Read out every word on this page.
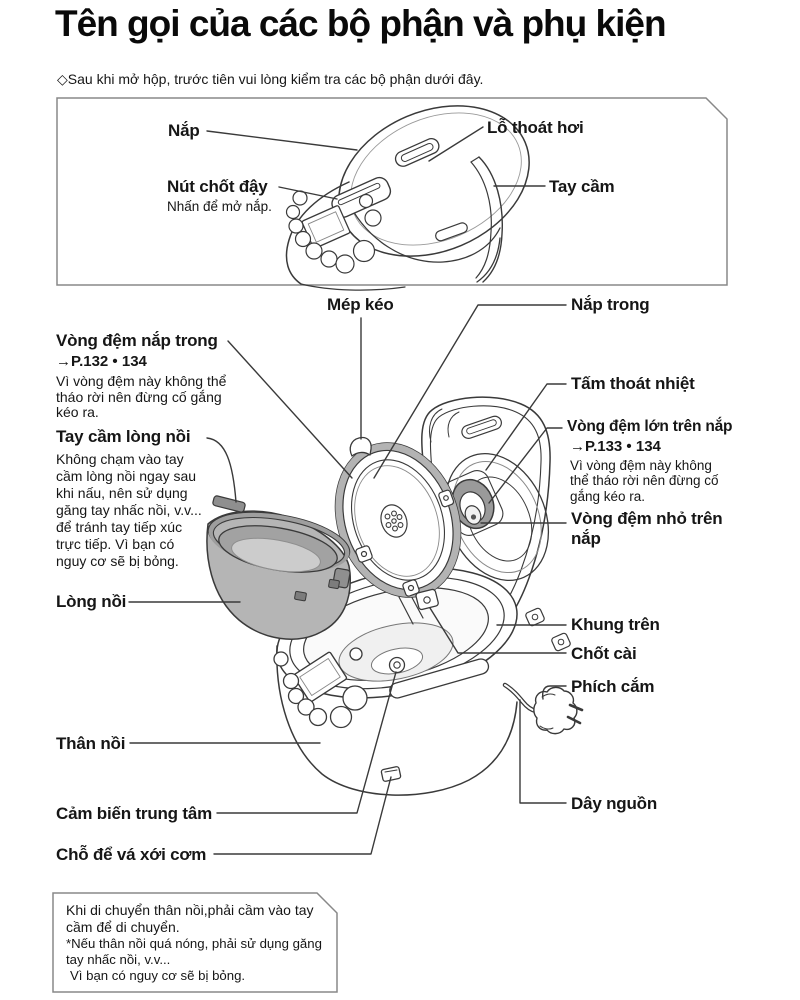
Tên gọi của các bộ phận và phụ kiện
◇Sau khi mở hộp, trước tiên vui lòng kiểm tra các bộ phận dưới đây.
Nắp	Lỗ thoát hơi
Nút chốt đậy
Nhấn để mở nắp.
Tay cầm
Mép kéo	Nắp trong
Vòng đệm nắp trong
→P.132 • 134
Vì vòng đệm này không thể tháo rời nên đừng cố gắng kéo ra.
Tay cầm lòng nồi
Không chạm vào tay cầm lòng nồi ngay sau khi nấu, nên sử dụng găng tay nhấc nồi, v.v... để tránh tay tiếp xúc trực tiếp. Vì bạn có nguy cơ sẽ bị bỏng.
Lòng nồi
Tấm thoát nhiệt
Vòng đệm lớn trên nắp
→P.133 • 134
Vì vòng đệm này không thể tháo rời nên đừng cố gắng kéo ra.
Vòng đệm nhỏ trên nắp
Khung trên
Chốt cài
Phích cắm
Dây nguồn
Thân nồi
Cảm biến trung tâm
Chỗ để vá xới cơm
Khi di chuyển thân nồi,phải cầm vào tay cầm để di chuyển.
*Nếu thân nồi quá nóng, phải sử dụng găng tay nhấc nồi, v.v...
Vì bạn có nguy cơ sẽ bị bỏng.
